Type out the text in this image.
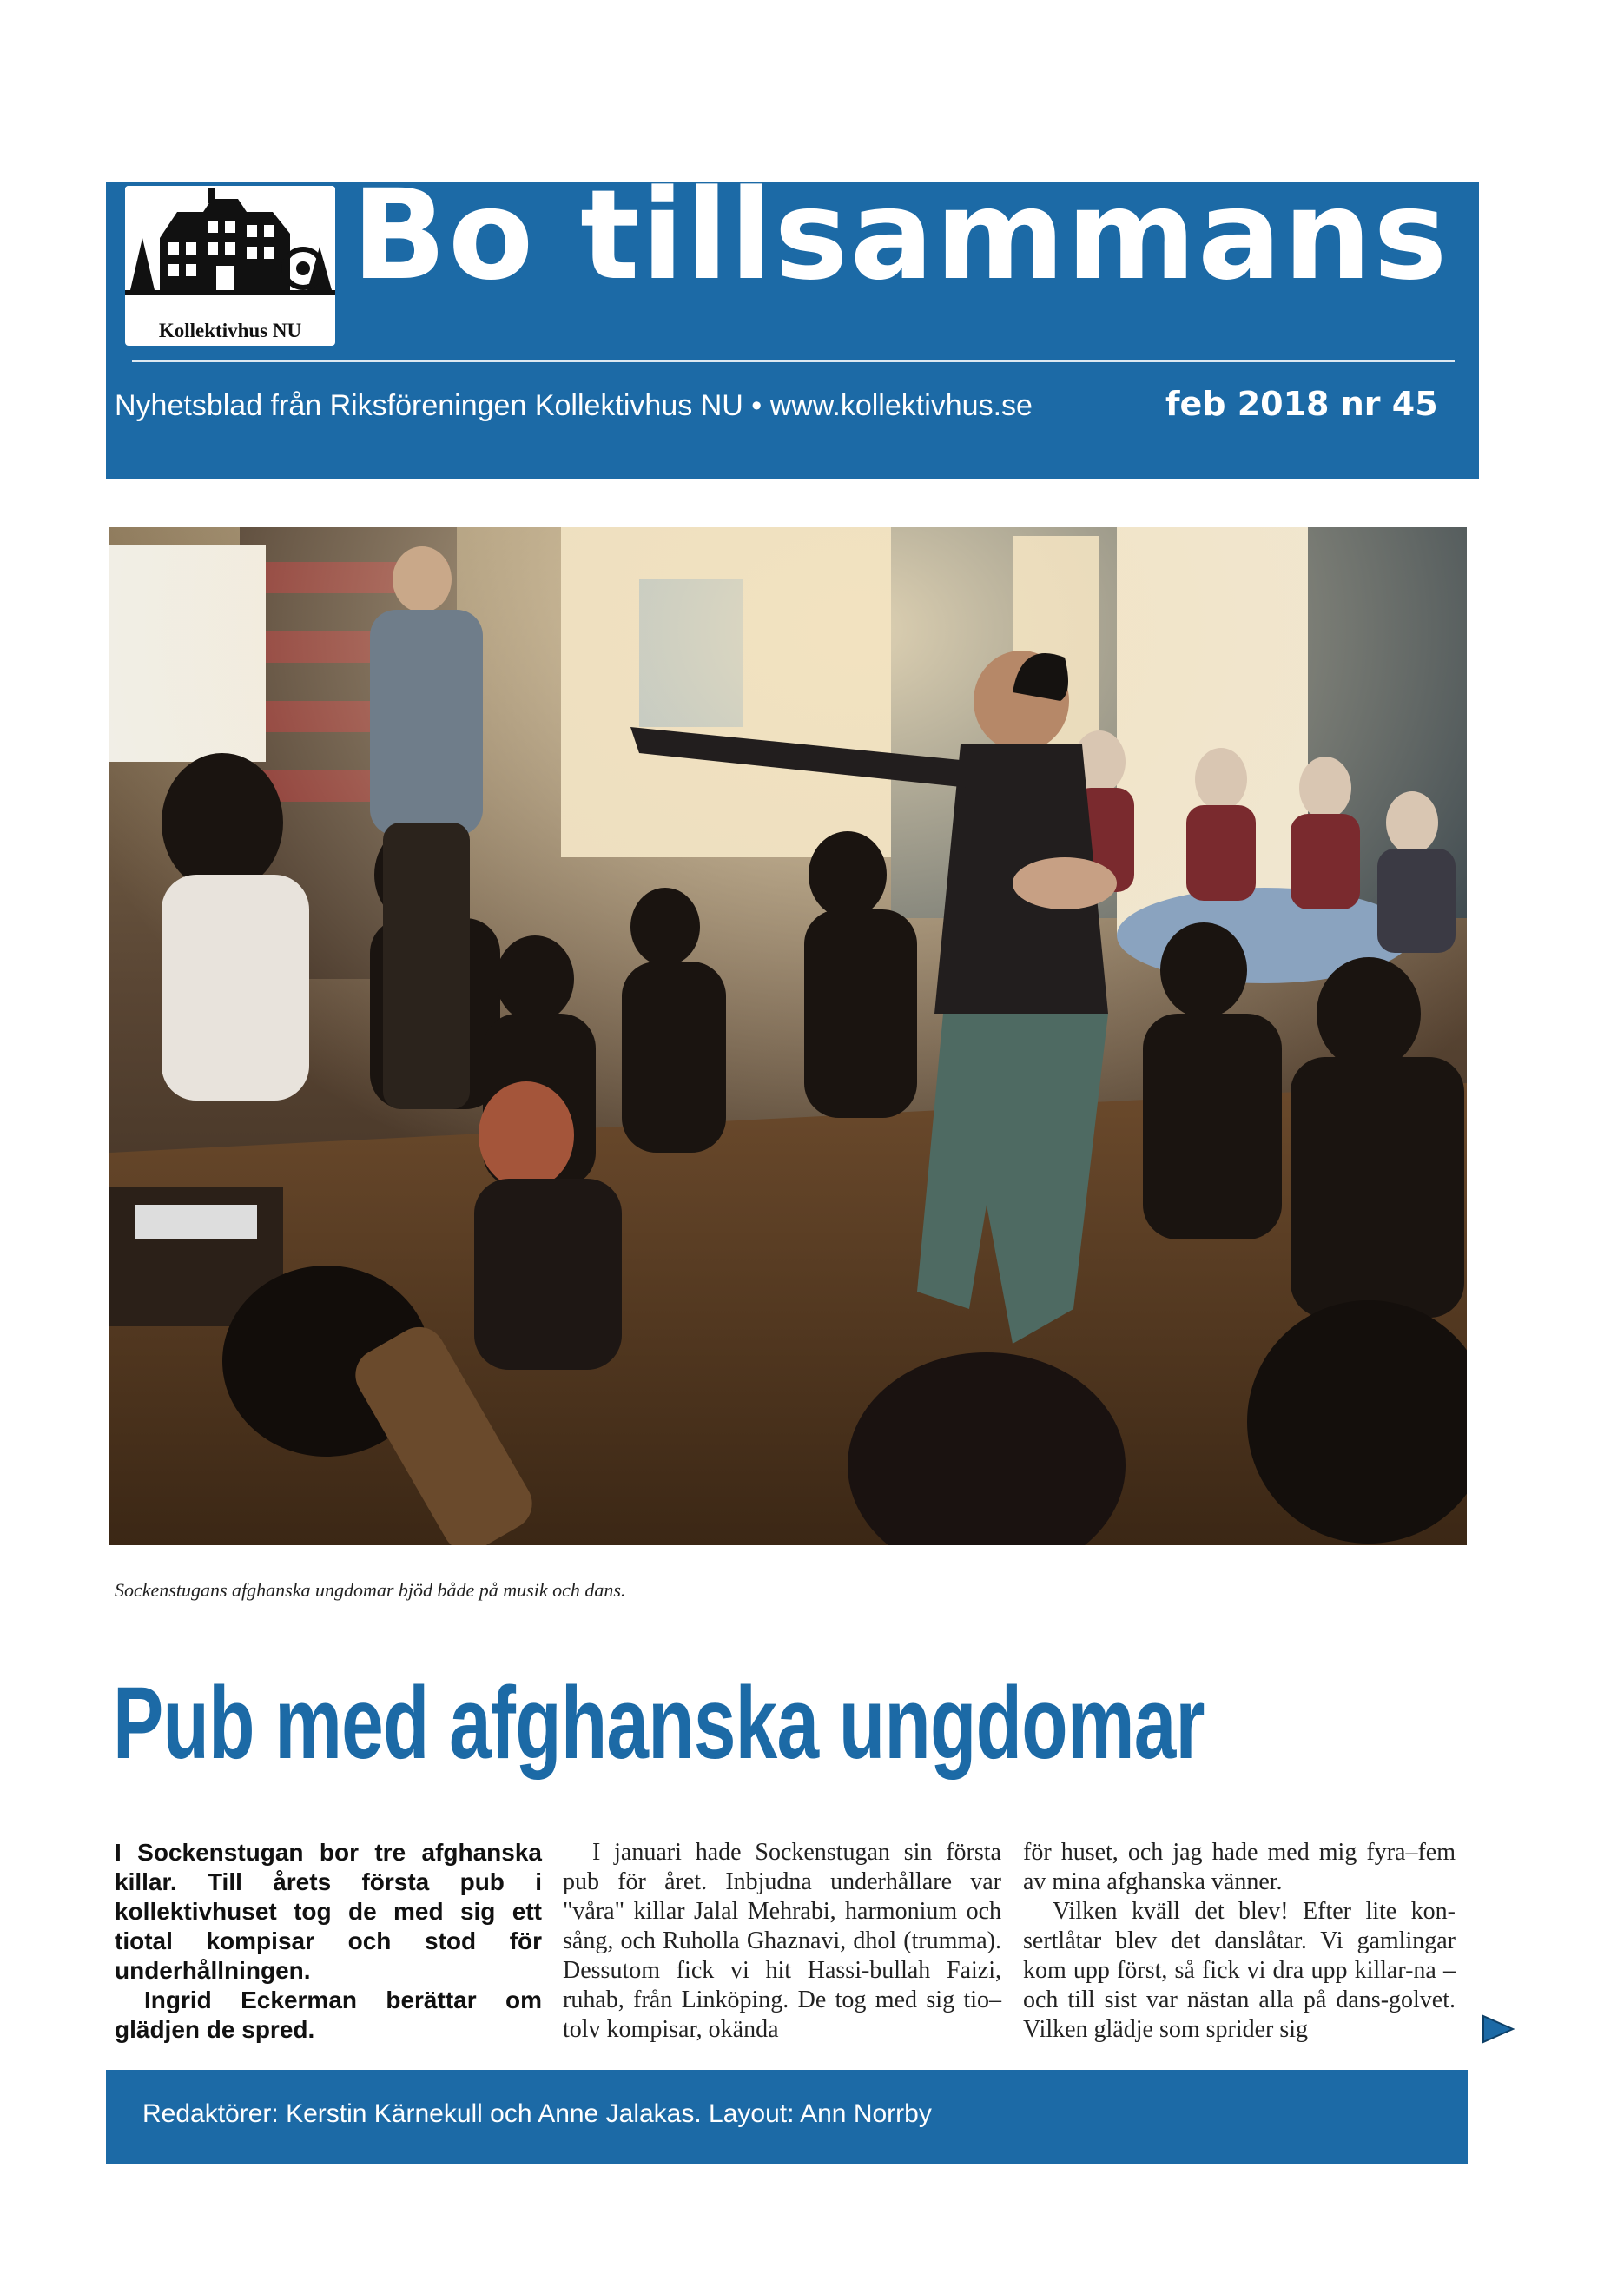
Kollektivhus NU
Bo tillsammans
Nyhetsblad från Riksföreningen Kollektivhus NU • www.kollektivhus.se	feb 2018 nr 45
Sockenstugans afghanska ungdomar bjöd både på musik och dans.
Pub med afghanska ungdomar

I Sockenstugan bor tre afghanska killar. Till årets första pub i kollektivhuset tog de med sig ett tiotal kompisar och stod för underhållningen.

Ingrid Eckerman berättar om glädjen de spred.

I januari hade Sockenstugan sin första pub för året. Inbjudna underhållare var "våra" killar Jalal Mehrabi, harmonium och sång, och Ruholla Ghaznavi, dhol (trumma). Dessutom fick vi hit Hassi-bullah Faizi, ruhab, från Linköping. De tog med sig tio–tolv kompisar, okända

för huset, och jag hade med mig fyra–fem av mina afghanska vänner.

Vilken kväll det blev! Efter lite kon-sertlåtar blev det danslåtar. Vi gamlingar kom upp först, så fick vi dra upp killar-na – och till sist var nästan alla på dans-golvet. Vilken glädje som sprider sig

Redaktörer: Kerstin Kärnekull och Anne Jalakas. Layout: Ann Norrby
